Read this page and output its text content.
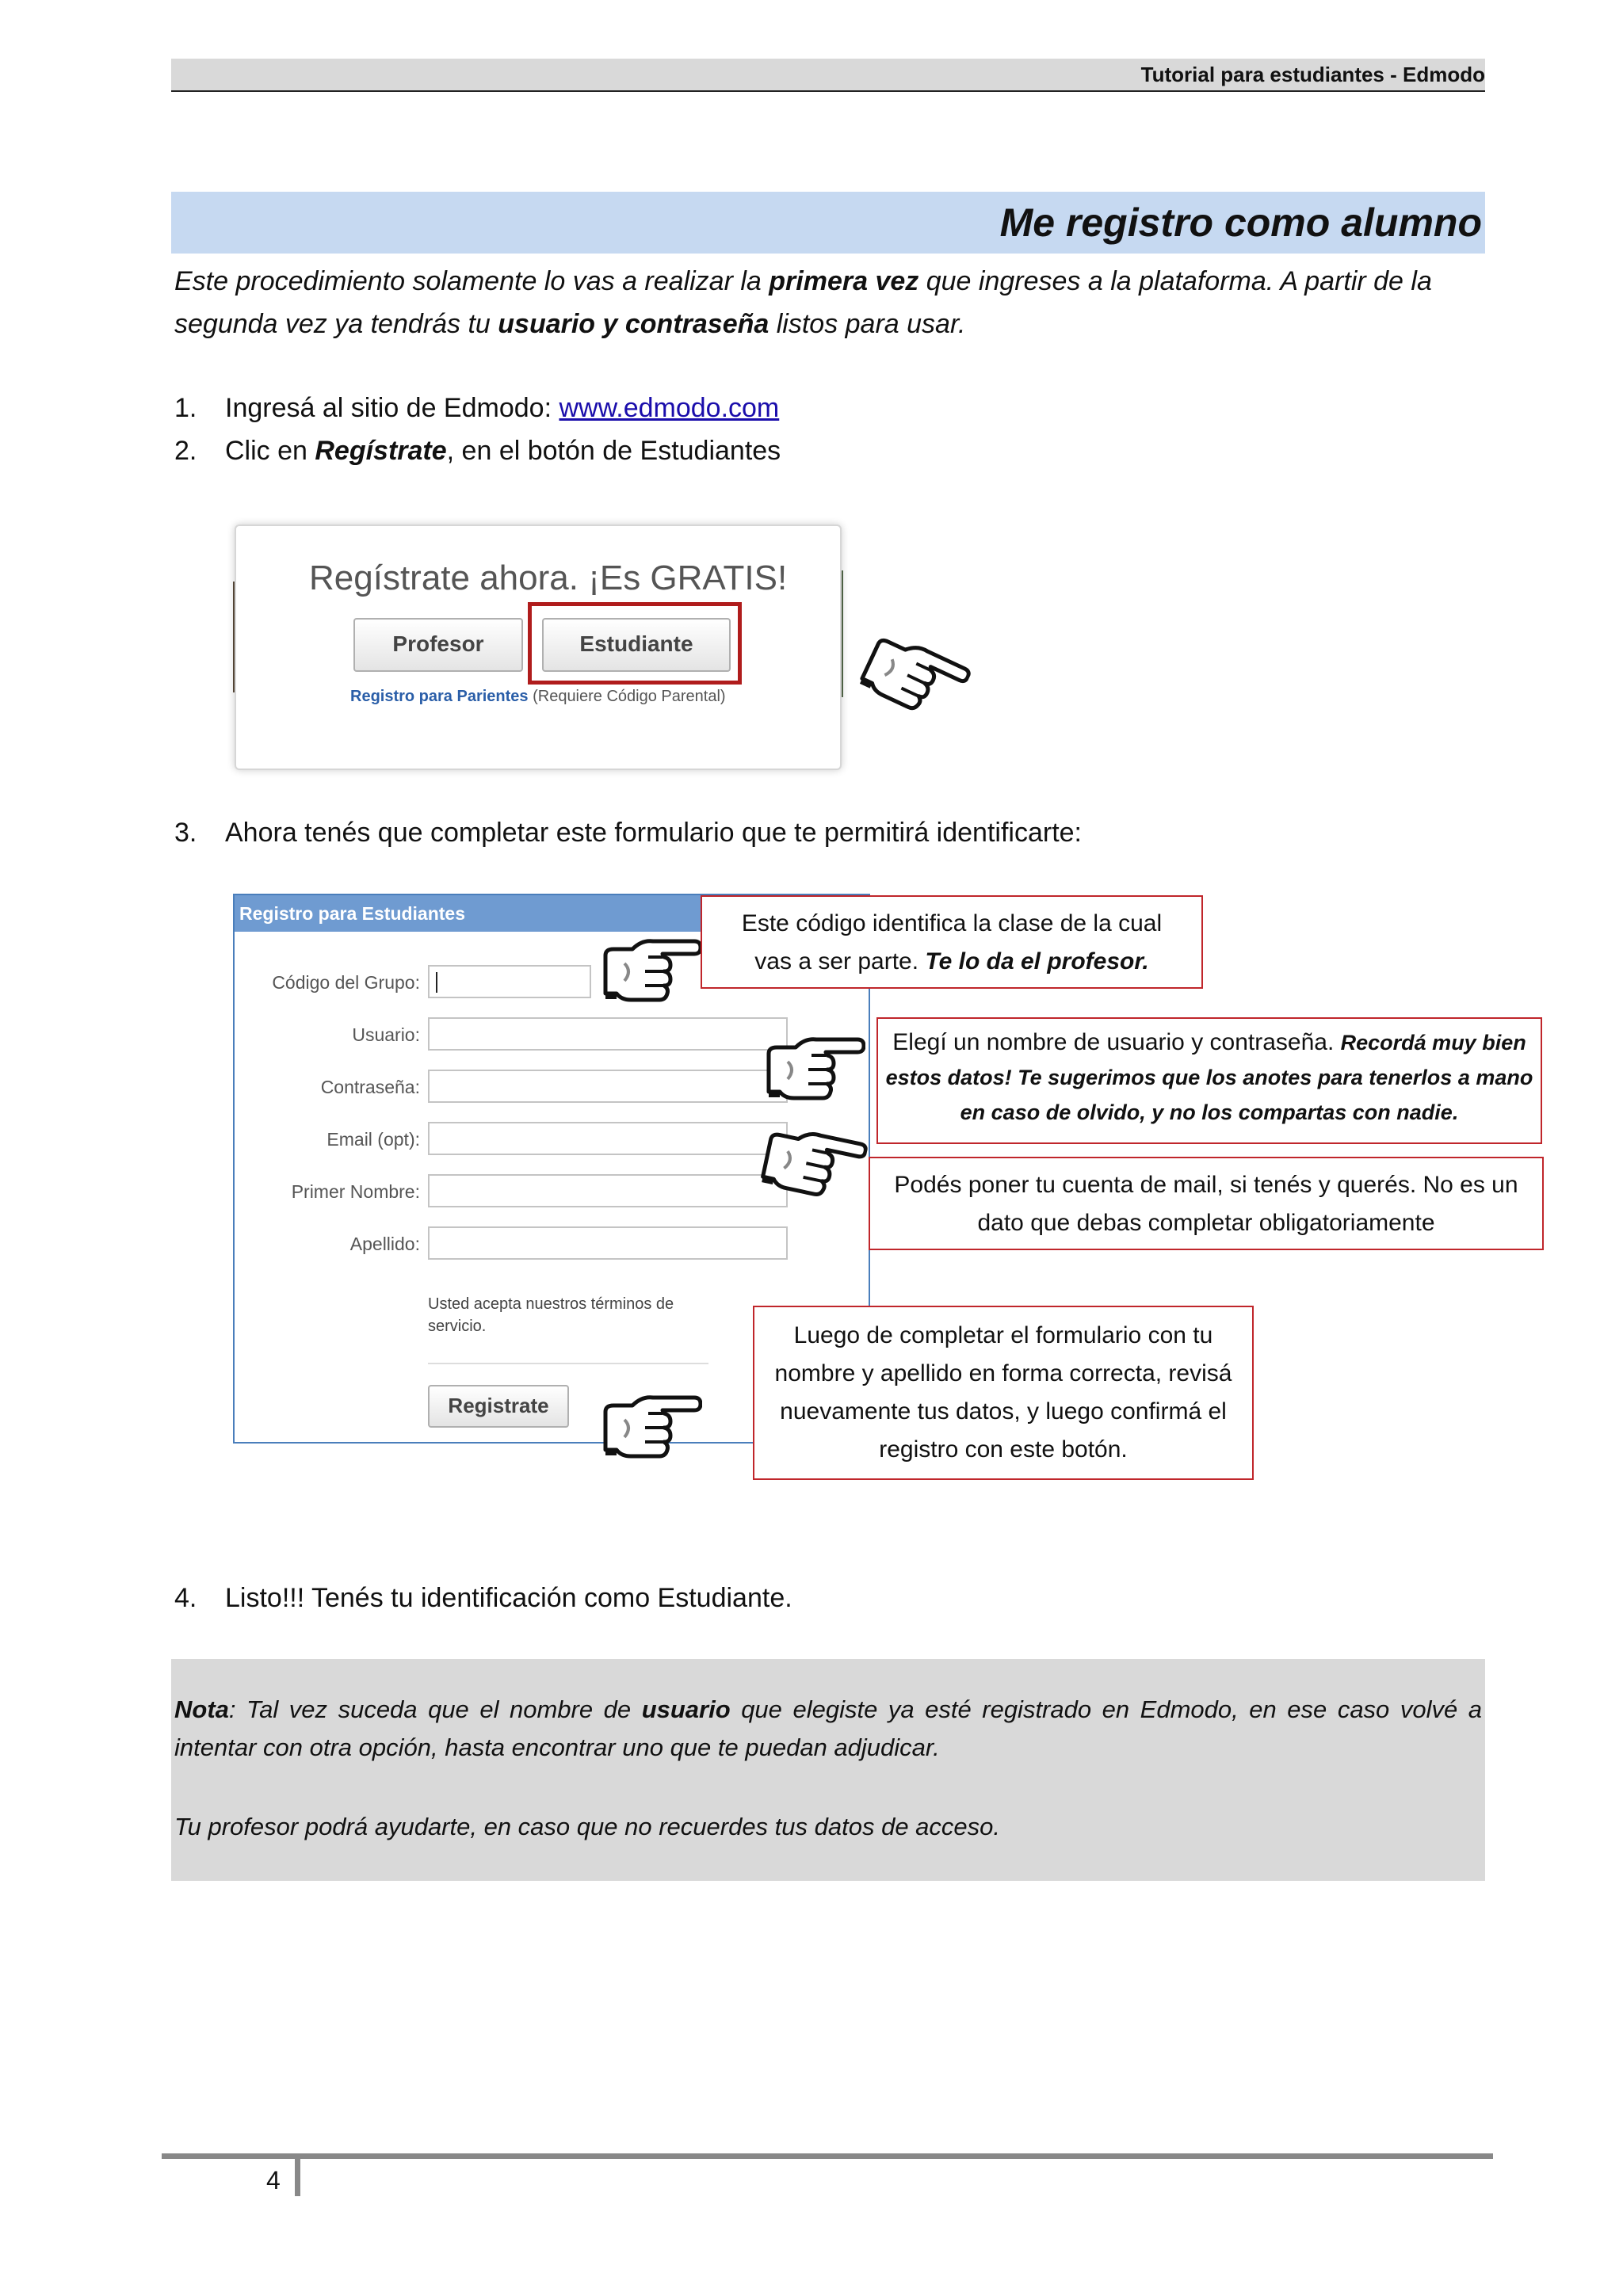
Tutorial para estudiantes - Edmodo
Me registro como alumno
Este procedimiento solamente lo vas a realizar la primera vez que ingreses a la plataforma. A partir de la segunda vez ya tendrás tu usuario y contraseña listos para usar.
1. Ingresá al sitio de Edmodo: www.edmodo.com
2. Clic en Regístrate, en el botón de Estudiantes
Regístrate ahora. ¡Es GRATIS!
Profesor	Estudiante
Registro para Parientes (Requiere Código Parental)
3. Ahora tenés que completar este formulario que te permitirá identificarte:
Registro para Estudiantes
Código del Grupo:
Usuario:
Contraseña:
Email (opt):
Primer Nombre:
Apellido:
Usted acepta nuestros términos de servicio.
Registrate
Este código identifica la clase de la cual
vas a ser parte. Te lo da el profesor.
Elegí un nombre de usuario y contraseña. Recordá muy bien estos datos! Te sugerimos que los anotes para tenerlos a mano en caso de olvido, y no los compartas con nadie.
Podés poner tu cuenta de mail, si tenés y querés. No es un dato que debas completar obligatoriamente
Luego de completar el formulario con tu nombre y apellido en forma correcta, revisá nuevamente tus datos, y luego confirmá el registro con este botón.
4. Listo!!! Tenés tu identificación como Estudiante.
Nota: Tal vez suceda que el nombre de usuario que elegiste ya esté registrado en Edmodo, en ese caso volvé a intentar con otra opción, hasta encontrar uno que te puedan adjudicar.
Tu profesor podrá ayudarte, en caso que no recuerdes tus datos de acceso.
4
